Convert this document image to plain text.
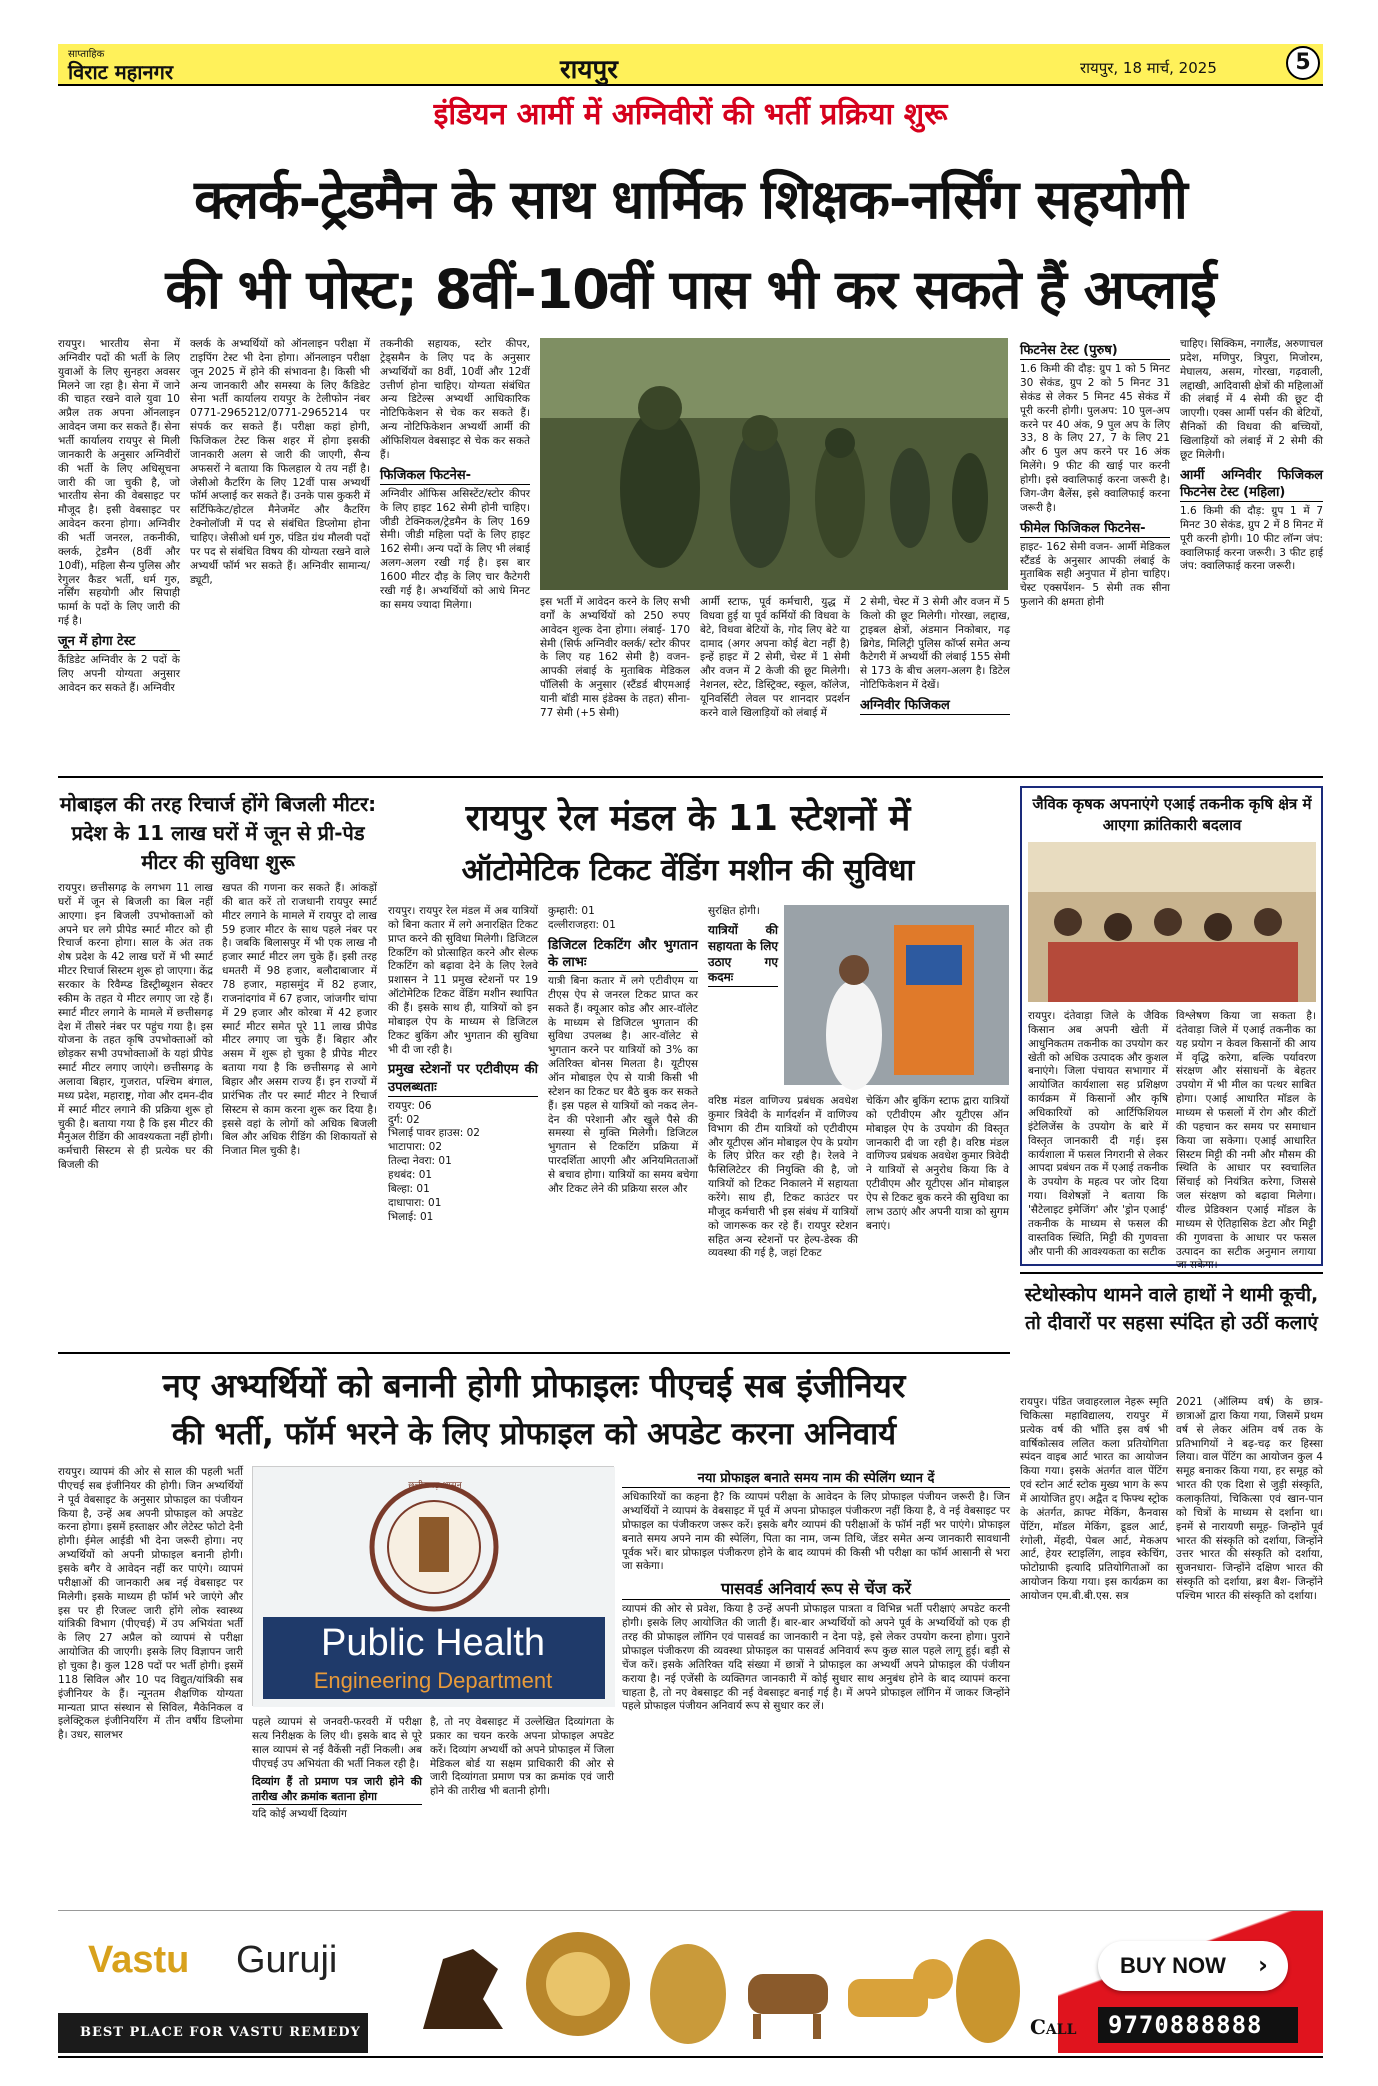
साप्ताहिक
विराट महानगर	रायपुर	रायपुर, 18 मार्च, 2025	5
इंडियन आर्मी में अग्निवीरों की भर्ती प्रक्रिया शुरू
क्लर्क-ट्रेडमैन के साथ धार्मिक शिक्षक-नर्सिंग सहयोगी
की भी पोस्ट; 8वीं-10वीं पास भी कर सकते हैं अप्लाई
रायपुर। भारतीय सेना में अग्निवीर पदों की भर्ती के लिए युवाओं के लिए सुनहरा अवसर मिलने जा रहा है। सेना में जाने की चाहत रखने वाले युवा 10 अप्रैल तक अपना ऑनलाइन आवेदन जमा कर सकते हैं। सेना भर्ती कार्यालय रायपुर से मिली जानकारी के अनुसार अग्निवीरों की भर्ती के लिए अधिसूचना जारी की जा चुकी है, जो भारतीय सेना की वेबसाइट पर मौजूद है। इसी वेबसाइट पर आवेदन करना होगा। अग्निवीर की भर्ती जनरल, तकनीकी, क्लर्क, ट्रेडमैन (8वीं और 10वीं), महिला सैन्य पुलिस और रेगुलर कैडर भर्ती, धर्म गुरु, नर्सिंग सहयोगी और सिपाही फार्मा के पदों के लिए जारी की गई है।
जून में होगा टेस्ट
कैंडिडेट अग्निवीर के 2 पदों के लिए अपनी योग्यता अनुसार आवेदन कर सकते हैं। अग्निवीर
क्लर्क के अभ्यर्थियों को ऑनलाइन परीक्षा में टाइपिंग टेस्ट भी देना होगा। ऑनलाइन परीक्षा जून 2025 में होने की संभावना है। किसी भी अन्य जानकारी और समस्या के लिए कैंडिडेट सेना भर्ती कार्यालय रायपुर के टेलीफोन नंबर 0771-2965212/0771-2965214 पर संपर्क कर सकते हैं। परीक्षा कहां होगी, फिजिकल टेस्ट किस शहर में होगा इसकी जानकारी अलग से जारी की जाएगी, सैन्य अफसरों ने बताया कि फिलहाल ये तय नहीं है। जेसीओ कैटरिंग के लिए 12वीं पास अभ्यर्थी फॉर्म अप्लाई कर सकते हैं। उनके पास कुकरी में सर्टिफिकेट/होटल मैनेजमेंट और कैटरिंग टेक्नोलॉजी में पद से संबंधित डिप्लोमा होना चाहिए। जेसीओ धर्म गुरु, पंडित ग्रंथ मौलवी पदों पर पद से संबंधित विषय की योग्यता रखने वाले अभ्यर्थी फॉर्म भर सकते हैं। अग्निवीर सामान्य/ड्यूटी,
तकनीकी सहायक, स्टोर कीपर, ट्रेड्समैन के लिए पद के अनुसार अभ्यर्थियों का 8वीं, 10वीं और 12वीं उत्तीर्ण होना चाहिए। योग्यता संबंधित अन्य डिटेल्स अभ्यर्थी आधिकारिक नोटिफिकेशन से चेक कर सकते हैं। अन्य नोटिफिकेशन अभ्यर्थी आर्मी की ऑफिशियल वेबसाइट से चेक कर सकते हैं।
फिजिकल फिटनेस-
अग्निवीर ऑफिस असिस्टेंट/स्टोर कीपर के लिए हाइट 162 सेमी होनी चाहिए। जीडी टेक्निकल/ट्रेडमैन के लिए 169 सेमी। जीडी महिला पदों के लिए हाइट 162 सेमी। अन्य पदों के लिए भी लंबाई अलग-अलग रखी गई है। इस बार 1600 मीटर दौड़ के लिए चार कैटेगरी रखी गई है। अभ्यर्थियों को आधे मिनट का समय ज्यादा मिलेगा।	इस भर्ती में आवेदन करने के लिए सभी वर्गों के अभ्यर्थियों को 250 रुपए आवेदन शुल्क देना होगा। लंबाई- 170 सेमी (सिर्फ अग्निवीर क्लर्क/ स्टोर कीपर के लिए यह 162 सेमी है) वजन- आपकी लंबाई के मुताबिक मेडिकल पॉलिसी के अनुसार (स्टैंडर्ड बीएमआई यानी बॉडी मास इंडेक्स के तहत) सीना- 77 सेमी (+5 सेमी)
आर्मी स्टाफ, पूर्व कर्मचारी, युद्ध में विधवा हुई या पूर्व कर्मियों की विधवा के बेटे, विधवा बेटियों के, गोद लिए बेटे या दामाद (अगर अपना कोई बेटा नहीं है) इन्हें हाइट में 2 सेमी, चेस्ट में 1 सेमी और वजन में 2 केजी की छूट मिलेगी। नेशनल, स्टेट, डिस्ट्रिक्ट, स्कूल, कॉलेज, यूनिवर्सिटी लेवल पर शानदार प्रदर्शन करने वाले खिलाड़ियों को लंबाई में
2 सेमी, चेस्ट में 3 सेमी और वजन में 5 किलो की छूट मिलेगी। गोरखा, लद्दाख, ट्राइबल क्षेत्रों, अंडमान निकोबार, गढ़ ब्रिगेड, मिलिट्री पुलिस कॉर्प्स समेत अन्य कैटेगरी में अभ्यर्थी की लंबाई 155 सेमी से 173 के बीच अलग-अलग है। डिटेल नोटिफिकेशन में देखें।
अग्निवीर फिजिकल
फिटनेस टेस्ट (पुरुष)
1.6 किमी की दौड़: ग्रुप 1 को 5 मिनट 30 सेकंड, ग्रुप 2 को 5 मिनट 31 सेकंड से लेकर 5 मिनट 45 सेकंड में पूरी करनी होगी। पुलअप: 10 पुल-अप करने पर 40 अंक, 9 पुल अप के लिए 33, 8 के लिए 27, 7 के लिए 21 और 6 पुल अप करने पर 16 अंक मिलेंगे। 9 फीट की खाई पार करनी होगी। इसे क्वालिफाई करना जरूरी है। जिग-जैग बैलेंस, इसे क्वालिफाई करना जरूरी है।
फीमेल फिजिकल फिटनेस-
हाइट- 162 सेमी वजन- आर्मी मेडिकल स्टैंडर्ड के अनुसार आपकी लंबाई के मुताबिक सही अनुपात में होना चाहिए। चेस्ट एक्सपेंशन- 5 सेमी तक सीना फुलाने की क्षमता होनी
चाहिए। सिक्किम, नगालैंड, अरुणाचल प्रदेश, मणिपुर, त्रिपुरा, मिजोरम, मेघालय, असम, गोरखा, गढ़वाली, लद्दाखी, आदिवासी क्षेत्रों की महिलाओं की लंबाई में 4 सेमी की छूट दी जाएगी। एक्स आर्मी पर्सन की बेटियों, सैनिकों की विधवा की बच्चियों, खिलाड़ियों को लंबाई में 2 सेमी की छूट मिलेगी।
आर्मी अग्निवीर फिजिकल फिटनेस टेस्ट (महिला)
1.6 किमी की दौड़: ग्रुप 1 में 7 मिनट 30 सेकंड, ग्रुप 2 में 8 मिनट में पूरी करनी होगी। 10 फीट लॉन्ग जंप: क्वालिफाई करना जरूरी। 3 फीट हाई जंप: क्वालिफाई करना जरूरी।
मोबाइल की तरह रिचार्ज होंगे बिजली मीटर: प्रदेश के 11 लाख घरों में जून से प्री-पेड मीटर की सुविधा शुरू
रायपुर। छत्तीसगढ़ के लगभग 11 लाख घरों में जून से बिजली का बिल नहीं आएगा। इन बिजली उपभोक्ताओं को अपने घर लगे प्रीपेड स्मार्ट मीटर को ही रिचार्ज करना होगा। साल के अंत तक शेष प्रदेश के 42 लाख घरों में भी स्मार्ट मीटर रिचार्ज सिस्टम शुरू हो जाएगा। केंद्र सरकार के रिवैम्प्ड डिस्ट्रीब्यूशन सेक्टर स्कीम के तहत ये मीटर लगाए जा रहे हैं। स्मार्ट मीटर लगाने के मामले में छत्तीसगढ़ देश में तीसरे नंबर पर पहुंच गया है। इस योजना के तहत कृषि उपभोक्ताओं को छोड़कर सभी उपभोक्ताओं के यहां प्रीपेड स्मार्ट मीटर लगाए जाएंगे। छत्तीसगढ़ के अलावा बिहार, गुजरात, पश्चिम बंगाल, मध्य प्रदेश, महाराष्ट्र, गोवा और दमन-दीव में स्मार्ट मीटर लगाने की प्रक्रिया शुरू हो चुकी है। बताया गया है कि इस मीटर की मैनुअल रीडिंग की आवश्यकता नहीं होगी। कर्मचारी सिस्टम से ही प्रत्येक घर की बिजली की
खपत की गणना कर सकते हैं। आंकड़ों की बात करें तो राजधानी रायपुर स्मार्ट मीटर लगाने के मामले में रायपुर दो लाख 59 हजार मीटर के साथ पहले नंबर पर है। जबकि बिलासपुर में भी एक लाख नौ हजार स्मार्ट मीटर लग चुके हैं। इसी तरह धमतरी में 98 हजार, बलौदाबाजार में 78 हजार, महासमुंद में 82 हजार, राजनांदगांव में 67 हजार, जांजगीर चांपा में 29 हजार और कोरबा में 42 हजार स्मार्ट मीटर समेत पूरे 11 लाख प्रीपेड मीटर लगाए जा चुके हैं। बिहार और असम में शुरू हो चुका है प्रीपेड मीटर बताया गया है कि छत्तीसगढ़ से आगे बिहार और असम राज्य हैं। इन राज्यों में प्रारंभिक तौर पर स्मार्ट मीटर ने रिचार्ज सिस्टम से काम करना शुरू कर दिया है। इससे वहां के लोगों को अधिक बिजली बिल और अधिक रीडिंग की शिकायतों से निजात मिल चुकी है।
रायपुर रेल मंडल के 11 स्टेशनों में
ऑटोमेटिक टिकट वेंडिंग मशीन की सुविधा
रायपुर। रायपुर रेल मंडल में अब यात्रियों को बिना कतार में लगे अनारक्षित टिकट प्राप्त करने की सुविधा मिलेगी। डिजिटल टिकटिंग को प्रोत्साहित करने और सेल्फ टिकटिंग को बढ़ावा देने के लिए रेलवे प्रशासन ने 11 प्रमुख स्टेशनों पर 19 ऑटोमेटिक टिकट वेंडिंग मशीन स्थापित की हैं। इसके साथ ही, यात्रियों को इन मोबाइल ऐप के माध्यम से डिजिटल टिकट बुकिंग और भुगतान की सुविधा भी दी जा रही है।
प्रमुख स्टेशनों पर एटीवीएम की उपलब्धताः
रायपुर: 06
दुर्ग: 02
भिलाई पावर हाउस: 02
भाटापारा: 02
तिल्दा नेवरा: 01
हथबंद: 01
बिल्हा: 01
दाधापारा: 01
भिलाई: 01
कुम्हारी: 01
दल्लीराजहरा: 01
डिजिटल टिकटिंग और भुगतान के लाभः
यात्री बिना कतार में लगे एटीवीएम या टीएस ऐप से जनरल टिकट प्राप्त कर सकते हैं। क्यूआर कोड और आर-वॉलेट के माध्यम से डिजिटल भुगतान की सुविधा उपलब्ध है। आर-वॉलेट से भुगतान करने पर यात्रियों को 3% का अतिरिक्त बोनस मिलता है। यूटीएस ऑन मोबाइल ऐप से यात्री किसी भी स्टेशन का टिकट घर बैठे बुक कर सकते हैं। इस पहल से यात्रियों को नकद लेन-देन की परेशानी और खुले पैसे की समस्या से मुक्ति मिलेगी। डिजिटल भुगतान से टिकटिंग प्रक्रिया में पारदर्शिता आएगी और अनियमितताओं से बचाव होगा। यात्रियों का समय बचेगा और टिकट लेने की प्रक्रिया सरल और
सुरक्षित होगी।
यात्रियों की सहायता के लिए उठाए गए कदमः
वरिष्ठ मंडल वाणिज्य प्रबंधक अवधेश कुमार त्रिवेदी के मार्गदर्शन में वाणिज्य विभाग की टीम यात्रियों को एटीवीएम और यूटीएस ऑन मोबाइल ऐप के प्रयोग के लिए प्रेरित कर रही है। रेलवे ने फैसिलिटेटर की नियुक्ति की है, जो यात्रियों को टिकट निकालने में सहायता करेंगे। साथ ही, टिकट काउंटर पर मौजूद कर्मचारी भी इस संबंध में यात्रियों को जागरूक कर रहे हैं। रायपुर स्टेशन सहित अन्य स्टेशनों पर हेल्प-डेस्क की व्यवस्था की गई है, जहां टिकट
चेकिंग और बुकिंग स्टाफ द्वारा यात्रियों को एटीवीएम और यूटीएस ऑन मोबाइल ऐप के उपयोग की विस्तृत जानकारी दी जा रही है। वरिष्ठ मंडल वाणिज्य प्रबंधक अवधेश कुमार त्रिवेदी ने यात्रियों से अनुरोध किया कि वे एटीवीएम और यूटीएस ऑन मोबाइल ऐप से टिकट बुक करने की सुविधा का लाभ उठाएं और अपनी यात्रा को सुगम बनाएं।
जैविक कृषक अपनाएंगे एआई तकनीक कृषि क्षेत्र में आएगा क्रांतिकारी बदलाव
रायपुर। दंतेवाड़ा जिले के जैविक किसान अब अपनी खेती में आधुनिकतम तकनीक का उपयोग कर खेती को अधिक उत्पादक और कुशल बनाएंगे। जिला पंचायत सभागार में आयोजित कार्यशाला सह प्रशिक्षण कार्यक्रम में किसानों और कृषि अधिकारियों को आर्टिफिशियल इंटेलिजेंस के उपयोग के बारे में विस्तृत जानकारी दी गई। इस कार्यशाला में फसल निगरानी से लेकर आपदा प्रबंधन तक में एआई तकनीक के उपयोग के महत्व पर जोर दिया गया। विशेषज्ञों ने बताया कि 'सैटेलाइट इमेजिंग' और 'ड्रोन एआई' तकनीक के माध्यम से फसल की वास्तविक स्थिति, मिट्टी की गुणवत्ता और पानी की आवश्यकता का सटीक
विश्लेषण किया जा सकता है। दंतेवाड़ा जिले में एआई तकनीक का यह प्रयोग न केवल किसानों की आय में वृद्धि करेगा, बल्कि पर्यावरण संरक्षण और संसाधनों के बेहतर उपयोग में भी मील का पत्थर साबित होगा। एआई आधारित मॉडल के माध्यम से फसलों में रोग और कीटों की पहचान कर समय पर समाधान किया जा सकेगा। एआई आधारित सिस्टम मिट्टी की नमी और मौसम की स्थिति के आधार पर स्वचालित सिंचाई को नियंत्रित करेगा, जिससे जल संरक्षण को बढ़ावा मिलेगा। यील्ड प्रेडिक्शन एआई मॉडल के माध्यम से ऐतिहासिक डेटा और मिट्टी की गुणवत्ता के आधार पर फसल उत्पादन का सटीक अनुमान लगाया जा सकेगा।
नए अभ्यर्थियों को बनानी होगी प्रोफाइलः पीएचई सब इंजीनियर
की भर्ती, फॉर्म भरने के लिए प्रोफाइल को अपडेट करना अनिवार्य
रायपुर। व्यापमं की ओर से साल की पहली भर्ती पीएचई सब इंजीनियर की होगी। जिन अभ्यर्थियों ने पूर्व वेबसाइट के अनुसार प्रोफाइल का पंजीयन किया है, उन्हें अब अपनी प्रोफाइल को अपडेट करना होगा। इसमें हस्ताक्षर और लेटेस्ट फोटो देनी होगी। ईमेल आईडी भी देना जरूरी होगा। नए अभ्यर्थियों को अपनी प्रोफाइल बनानी होगी। इसके बगैर वे आवेदन नहीं कर पाएंगे। व्यापमं परीक्षाओं की जानकारी अब नई वेबसाइट पर मिलेगी। इसके माध्यम ही फॉर्म भरे जाएंगे और इस पर ही रिजल्ट जारी होंगे लोक स्वास्थ्य यांत्रिकी विभाग (पीएचई) में उप अभियंता भर्ती के लिए 27 अप्रैल को व्यापमं से परीक्षा आयोजित की जाएगी। इसके लिए विज्ञापन जारी हो चुका है। कुल 128 पदों पर भर्ती होगी। इसमें 118 सिविल और 10 पद विद्युत/यांत्रिकी सब इंजीनियर के हैं। न्यूनतम शैक्षणिक योग्यता मान्यता प्राप्त संस्थान से सिविल, मैकेनिकल व इलेक्ट्रिकल इंजीनियरिंग में तीन वर्षीय डिप्लोमा है। उधर, सालभर
छत्तीसगढ़ शासन
Public Health
Engineering Department
पहले व्यापमं से जनवरी-फरवरी में परीक्षा सत्य निरीक्षक के लिए थी। इसके बाद से पूरे साल व्यापमं से नई वैकेंसी नहीं निकली। अब पीएचई उप अभियंता की भर्ती निकल रही है।
दिव्यांग हैं तो प्रमाण पत्र जारी होने की तारीख और क्रमांक बताना होगा
यदि कोई अभ्यर्थी दिव्यांग
है, तो नए वेबसाइट में उल्लेखित दिव्यांगता के प्रकार का चयन करके अपना प्रोफाइल अपडेट करें। दिव्यांग अभ्यर्थी को अपने प्रोफाइल में जिला मेडिकल बोर्ड या सक्षम प्राधिकारी की ओर से जारी दिव्यांगता प्रमाण पत्र का क्रमांक एवं जारी होने की तारीख भी बतानी होगी।
नया प्रोफाइल बनाते समय नाम की स्पेलिंग ध्यान दें
अधिकारियों का कहना है? कि व्यापमं परीक्षा के आवेदन के लिए प्रोफाइल पंजीयन जरूरी है। जिन अभ्यर्थियों ने व्यापमं के वेबसाइट में पूर्व में अपना प्रोफाइल पंजीकरण नहीं किया है, वे नई वेबसाइट पर प्रोफाइल का पंजीकरण जरूर करें। इसके बगैर व्यापमं की परीक्षाओं के फॉर्म नहीं भर पाएंगे। प्रोफाइल बनाते समय अपने नाम की स्पेलिंग, पिता का नाम, जन्म तिथि, जेंडर समेत अन्य जानकारी सावधानी पूर्वक भरें। बार प्रोफाइल पंजीकरण होने के बाद व्यापमं की किसी भी परीक्षा का फॉर्म आसानी से भरा जा सकेगा।
पासवर्ड अनिवार्य रूप से चेंज करें
व्यापमं की ओर से प्रवेश, किया है उन्हें अपनी प्रोफाइल पात्रता व विभिन्न भर्ती परीक्षाएं अपडेट करनी होगी। इसके लिए आयोजित की जाती हैं। बार-बार अभ्यर्थियों को अपने पूर्व के अभ्यर्थियों को एक ही तरह की प्रोफाइल लॉगिन एवं पासवर्ड का जानकारी न देना पड़े, इसे लेकर उपयोग करना होगा। पुराने प्रोफाइल पंजीकरण की व्यवस्था प्रोफाइल का पासवर्ड अनिवार्य रूप कुछ साल पहले लागू हुई। बड़ी से चेंज करें। इसके अतिरिक्त यदि संख्या में छात्रों ने प्रोफाइल का अभ्यर्थी अपने प्रोफाइल की पंजीयन कराया है। नई एजेंसी के व्यक्तिगत जानकारी में कोई सुधार साथ अनुबंध होने के बाद व्यापमं करना चाहता है, तो नए वेबसाइट की नई वेबसाइट बनाई गई है। में अपने प्रोफाइल लॉगिन में जाकर जिन्होंने पहले प्रोफाइल पंजीयन अनिवार्य रूप से सुधार कर लें।
स्टेथोस्कोप थामने वाले हाथों ने थामी कूची, तो दीवारों पर सहसा स्पंदित हो उठीं कलाएं
रायपुर। पंडित जवाहरलाल नेहरू स्मृति चिकित्सा महाविद्यालय, रायपुर में प्रत्येक वर्ष की भाँति इस वर्ष भी वार्षिकोत्सव ललित कला प्रतियोगिता स्पंदन वाइब आर्ट भारत का आयोजन किया गया। इसके अंतर्गत वाल पेंटिंग एवं स्टोन आर्ट स्टोक मुख्य भाग के रूप में आयोजित हुए। अद्वैत द फिफ्थ स्ट्रोक के अंतर्गत, क्राफ्ट मेकिंग, कैनवास पेंटिंग, मॉडल मेकिंग, डूडल आर्ट, रंगोली, मेंहदी, पेबल आर्ट, मेकअप आर्ट, हेयर स्टाइलिंग, लाइव स्केचिंग, फोटोग्राफी इत्यादि प्रतियोगिताओं का आयोजन किया गया। इस कार्यक्रम का आयोजन एम.बी.बी.एस. सत्र
2021 (ऑलिम्प वर्ष) के छात्र-छात्राओं द्वारा किया गया, जिसमें प्रथम वर्ष से लेकर अंतिम वर्ष तक के प्रतिभागियों ने बढ़-चढ़ कर हिस्सा लिया। वाल पेंटिंग का आयोजन कुल 4 समूह बनाकर किया गया, हर समूह को भारत की एक दिशा से जुड़ी संस्कृति, कलाकृतियां, चिकित्सा एवं खान-पान को चित्रों के माध्यम से दर्शाना था। इनमें से नारायणी समूह- जिन्होंने पूर्व भारत की संस्कृति को दर्शाया, जिन्होंने उत्तर भारत की संस्कृति को दर्शाया, सुजनधारा- जिन्होंने दक्षिण भारत की संस्कृति को दर्शाया, ब्रश बैश- जिन्होंने पश्चिम भारत की संस्कृति को दर्शाया।
Vastu Guruji
BEST PLACE FOR VASTU REMEDY
BUY NOW ›
Call 9770888888
